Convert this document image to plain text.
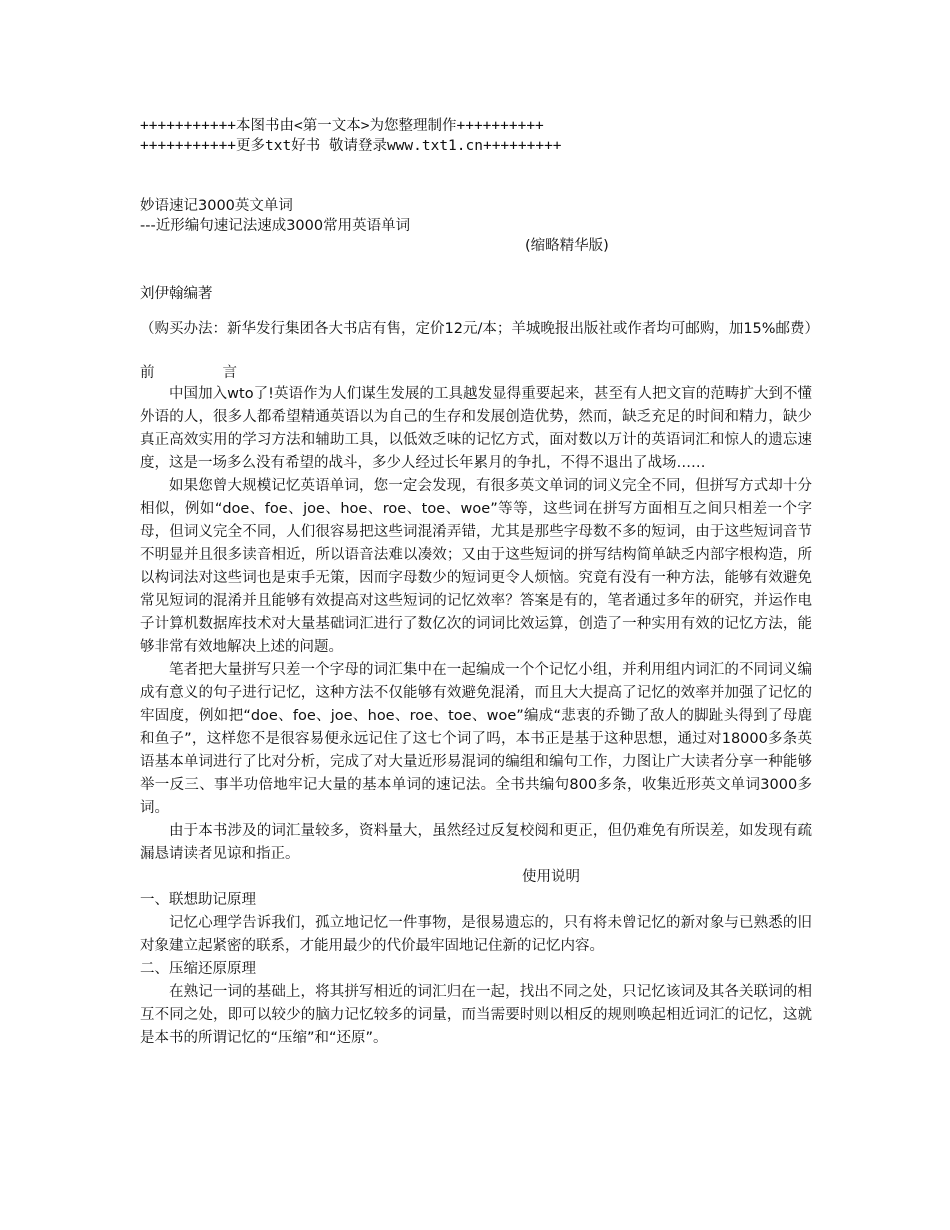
+++++++++++本图书由<第一文本>为您整理制作++++++++++
+++++++++++更多txt好书 敬请登录www.txt1.cn+++++++++
妙语速记3000英文单词
---近形编句速记法速成3000常用英语单词
(缩略精华版)
刘伊翰编著

（购买办法：新华发行集团各大书店有售，定价12元/本；羊城晚报出版社或作者均可邮购，加15%邮费）

前	言

中国加入wto了!英语作为人们谋生发展的工具越发显得重要起来，甚至有人把文盲的范畴扩大到不懂外语的人，很多人都希望精通英语以为自己的生存和发展创造优势，然而，缺乏充足的时间和精力，缺少真正高效实用的学习方法和辅助工具，以低效乏味的记忆方式，面对数以万计的英语词汇和惊人的遗忘速度，这是一场多么没有希望的战斗，多少人经过长年累月的争扎，不得不退出了战场……

如果您曾大规模记忆英语单词，您一定会发现，有很多英文单词的词义完全不同，但拼写方式却十分相似，例如“doe、foe、joe、hoe、roe、toe、woe”等等，这些词在拼写方面相互之间只相差一个字母，但词义完全不同，人们很容易把这些词混淆弄错，尤其是那些字母数不多的短词，由于这些短词音节不明显并且很多读音相近，所以语音法难以凑效；又由于这些短词的拼写结构简单缺乏内部字根构造，所以构词法对这些词也是束手无策，因而字母数少的短词更令人烦恼。究竟有没有一种方法，能够有效避免常见短词的混淆并且能够有效提高对这些短词的记忆效率？答案是有的，笔者通过多年的研究，并运作电子计算机数据库技术对大量基础词汇进行了数亿次的词词比效运算，创造了一种实用有效的记忆方法，能够非常有效地解决上述的问题。

笔者把大量拼写只差一个字母的词汇集中在一起编成一个个记忆小组，并利用组内词汇的不同词义编成有意义的句子进行记忆，这种方法不仅能够有效避免混淆，而且大大提高了记忆的效率并加强了记忆的牢固度，例如把“doe、foe、joe、hoe、roe、toe、woe”编成“悲衷的乔锄了敌人的脚趾头得到了母鹿和鱼子”，这样您不是很容易便永远记住了这七个词了吗，本书正是基于这种思想，通过对18000多条英语基本单词进行了比对分析，完成了对大量近形易混词的编组和编句工作，力图让广大读者分享一种能够举一反三、事半功倍地牢记大量的基本单词的速记法。全书共编句800多条，收集近形英文单词3000多词。

由于本书涉及的词汇量较多，资料量大，虽然经过反复校阅和更正，但仍难免有所误差，如发现有疏漏恳请读者见谅和指正。

使用说明
一、联想助记原理

记忆心理学告诉我们，孤立地记忆一件事物，是很易遗忘的，只有将未曾记忆的新对象与已熟悉的旧对象建立起紧密的联系，才能用最少的代价最牢固地记住新的记忆内容。

二、压缩还原原理

在熟记一词的基础上，将其拼写相近的词汇归在一起，找出不同之处，只记忆该词及其各关联词的相互不同之处，即可以较少的脑力记忆较多的词量，而当需要时则以相反的规则唤起相近词汇的记忆，这就是本书的所谓记忆的“压缩”和“还原”。
